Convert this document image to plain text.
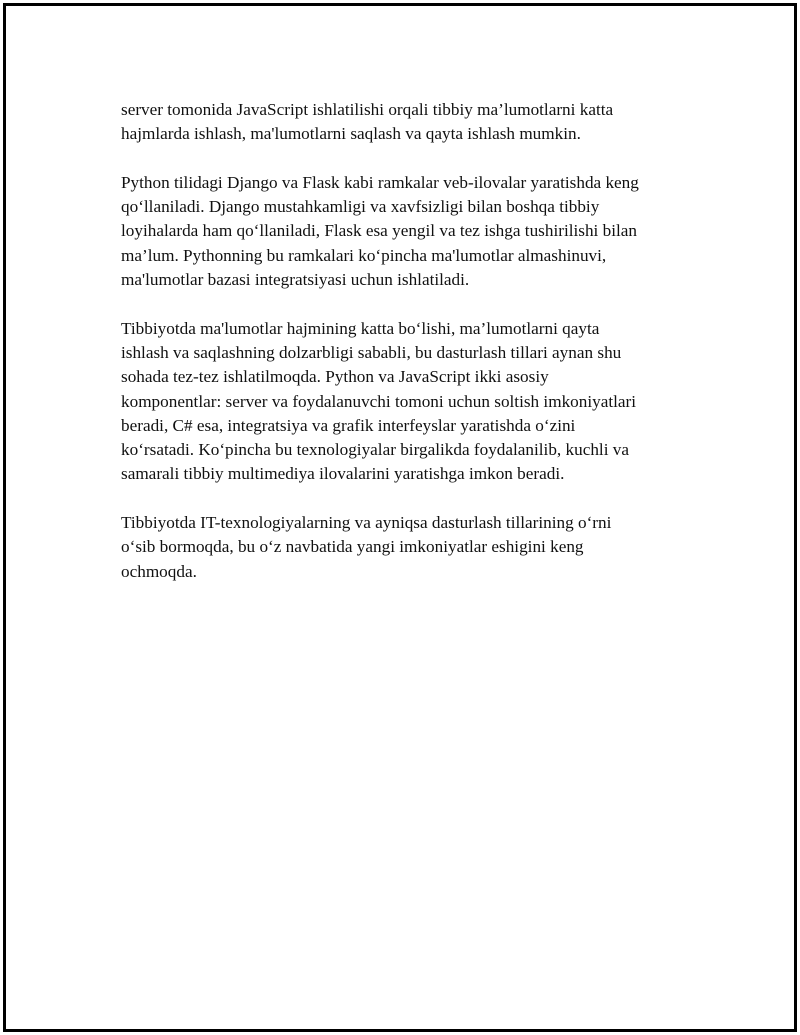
server tomonida JavaScript ishlatilishi orqali tibbiy ma’lumotlarni katta
hajmlarda ishlash, ma'lumotlarni saqlash va qayta ishlash mumkin.

Python tilidagi Django va Flask kabi ramkalar veb-ilovalar yaratishda keng
qo‘llaniladi. Django mustahkamligi va xavfsizligi bilan boshqa tibbiy
loyihalarda ham qo‘llaniladi, Flask esa yengil va tez ishga tushirilishi bilan
ma’lum. Pythonning bu ramkalari ko‘pincha ma'lumotlar almashinuvi,
ma'lumotlar bazasi integratsiyasi uchun ishlatiladi.

Tibbiyotda ma'lumotlar hajmining katta bo‘lishi, ma’lumotlarni qayta
ishlash va saqlashning dolzarbligi sababli, bu dasturlash tillari aynan shu
sohada tez-tez ishlatilmoqda. Python va JavaScript ikki asosiy
komponentlar: server va foydalanuvchi tomoni uchun soltish imkoniyatlari
beradi, C# esa, integratsiya va grafik interfeyslar yaratishda o‘zini
ko‘rsatadi. Ko‘pincha bu texnologiyalar birgalikda foydalanilib, kuchli va
samarali tibbiy multimediya ilovalarini yaratishga imkon beradi.

Tibbiyotda IT-texnologiyalarning va ayniqsa dasturlash tillarining o‘rni
o‘sib bormoqda, bu o‘z navbatida yangi imkoniyatlar eshigini keng
ochmoqda.
